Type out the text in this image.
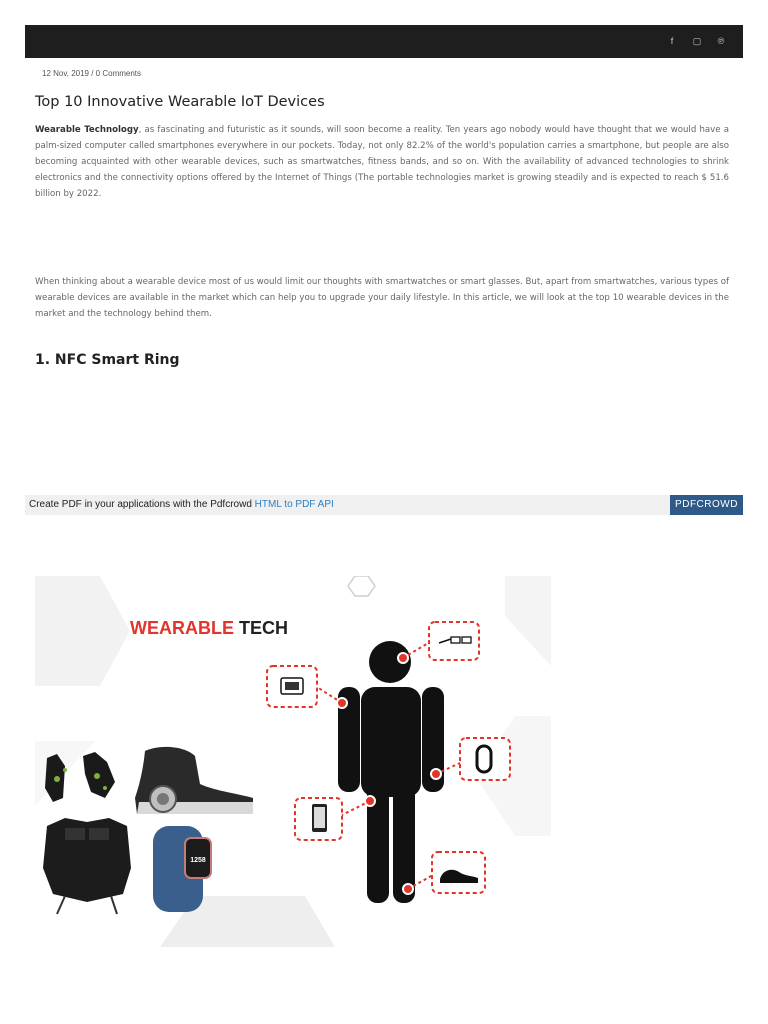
f	▢ ℗
12 Nov, 2019 / 0 Comments
Top 10 Innovative Wearable IoT Devices

Wearable Technology, as fascinating and futuristic as it sounds, will soon become a reality. Ten years ago nobody would have thought that we would have a palm-sized computer called smartphones everywhere in our pockets. Today, not only 82.2% of the world's population carries a smartphone, but people are also becoming acquainted with other wearable devices, such as smartwatches, fitness bands, and so on. With the availability of advanced technologies to shrink electronics and the connectivity options offered by the Internet of Things (The portable technologies market is growing steadily and is expected to reach $ 51.6 billion by 2022.

When thinking about a wearable device most of us would limit our thoughts with smartwatches or smart glasses. But, apart from smartwatches, various types of wearable devices are available in the market which can help you to upgrade your daily lifestyle. In this article, we will look at the top 10 wearable devices in the market and the technology behind them.

1. NFC Smart Ring
Create PDF in your applications with the Pdfcrowd HTML to PDF API	PDFCROWD
WEARABLE TECH
1258
